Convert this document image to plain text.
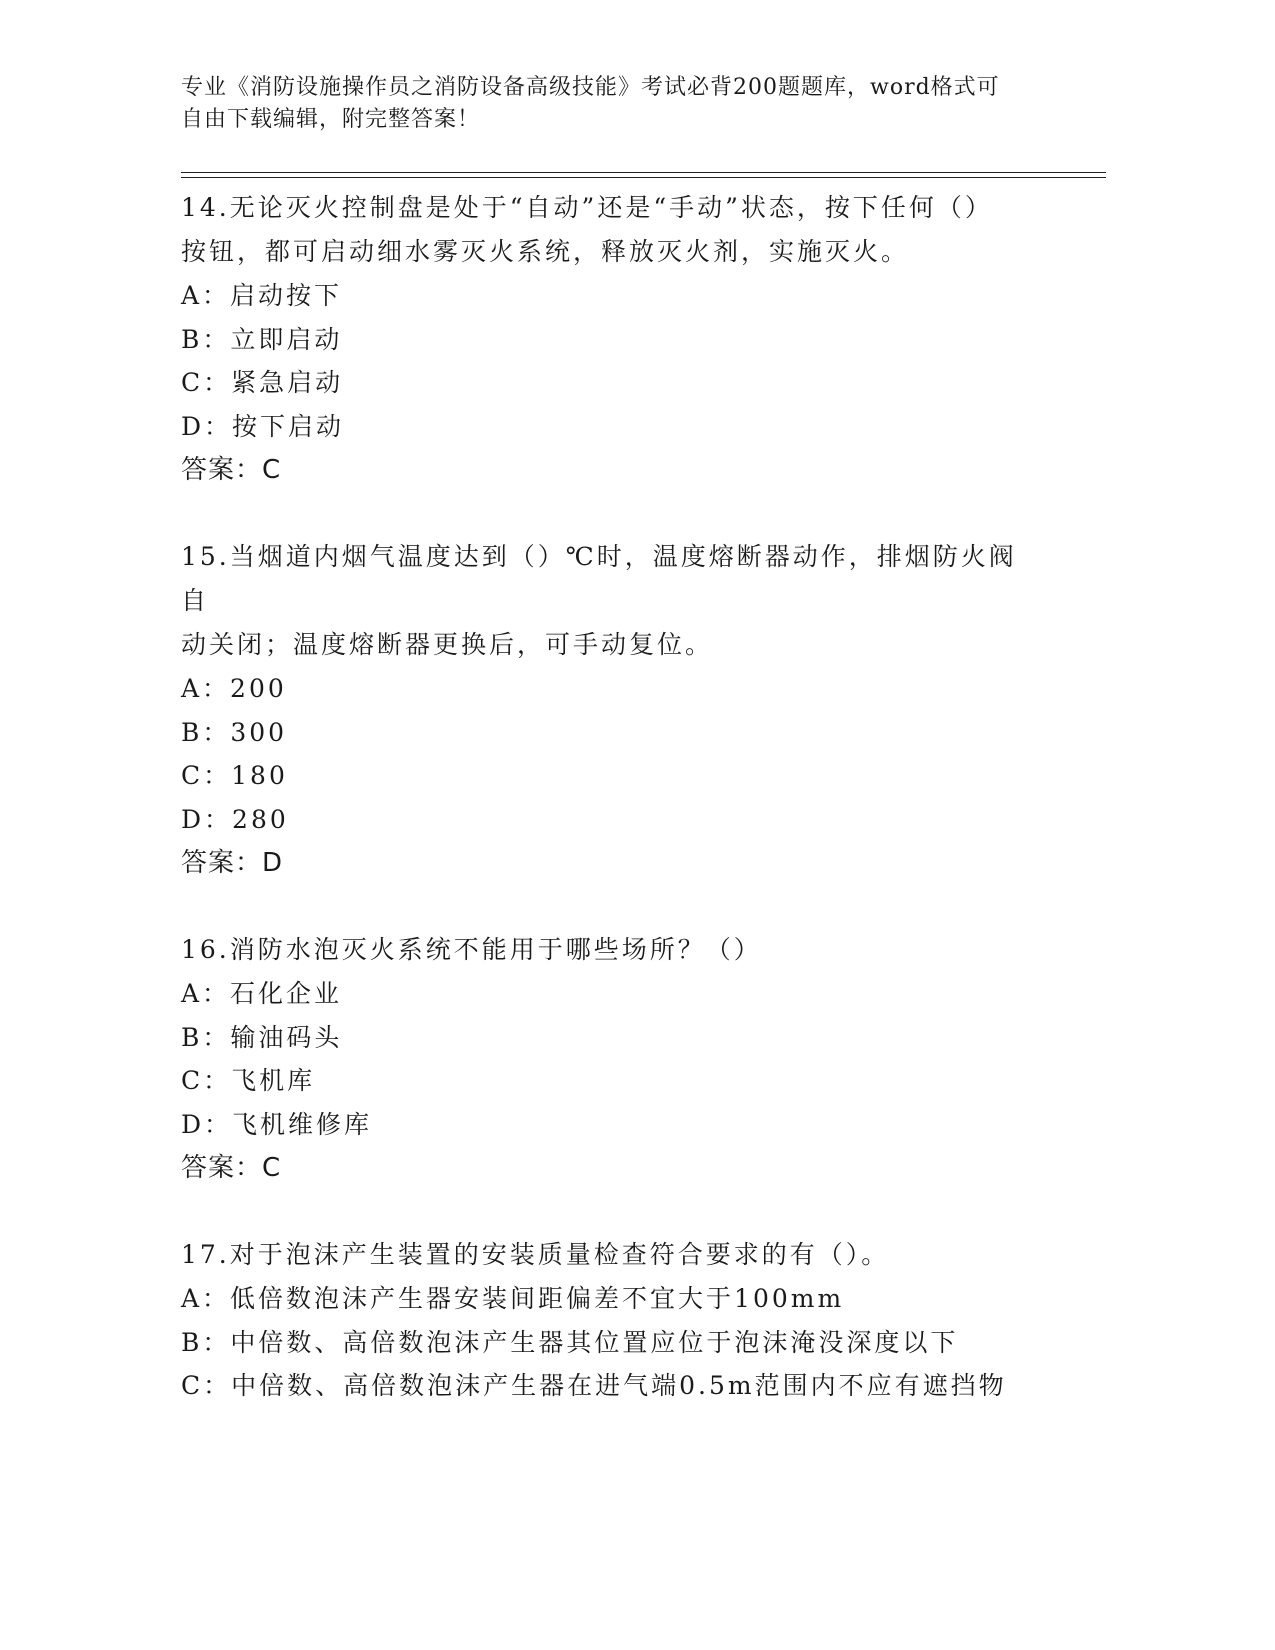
专业《消防设施操作员之消防设备高级技能》考试必背200题题库，word格式可
自由下载编辑，附完整答案！
14.无论灭火控制盘是处于“自动”还是“手动”状态，按下任何（）
按钮，都可启动细水雾灭火系统，释放灭火剂，实施灭火。
A：启动按下
B：立即启动
C：紧急启动
D：按下启动
答案：C
15.当烟道内烟气温度达到（）℃时，温度熔断器动作，排烟防火阀自
动关闭；温度熔断器更换后，可手动复位。
A：200
B：300
C：180
D：280
答案：D
16.消防水泡灭火系统不能用于哪些场所？（）
A：石化企业
B：输油码头
C：飞机库
D：飞机维修库
答案：C
17.对于泡沫产生装置的安装质量检查符合要求的有（）。
A：低倍数泡沫产生器安装间距偏差不宜大于100mm
B：中倍数、高倍数泡沫产生器其位置应位于泡沫淹没深度以下
C：中倍数、高倍数泡沫产生器在进气端0.5m范围内不应有遮挡物
